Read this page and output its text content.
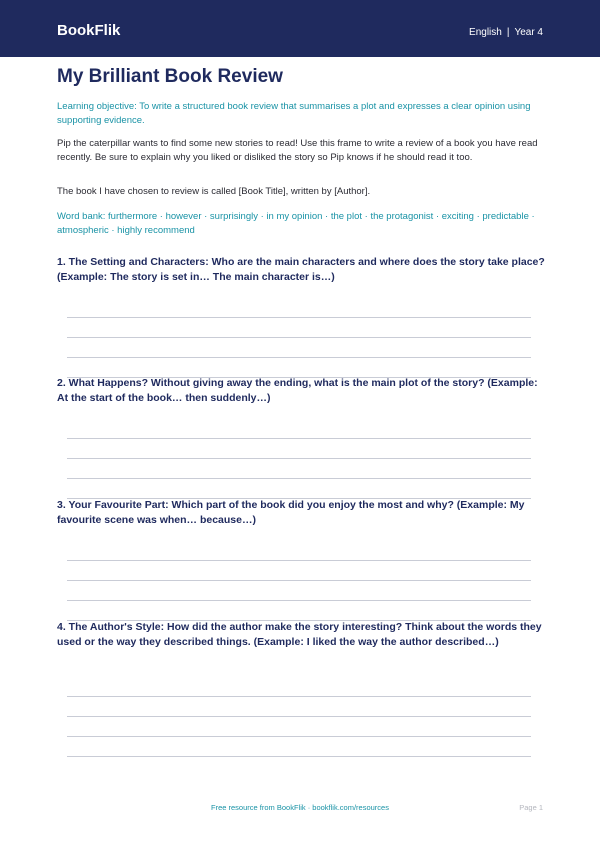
BookFlik	English | Year 4
My Brilliant Book Review

Learning objective: To write a structured book review that summarises a plot and expresses a clear opinion using supporting evidence.

Pip the caterpillar wants to find some new stories to read! Use this frame to write a review of a book you have read recently. Be sure to explain why you liked or disliked the story so Pip knows if he should read it too.

The book I have chosen to review is called [Book Title], written by [Author].

Word bank: furthermore · however · surprisingly · in my opinion · the plot · the protagonist · exciting · predictable · atmospheric · highly recommend

1. The Setting and Characters: Who are the main characters and where does the story take place? (Example: The story is set in… The main character is…)

2. What Happens? Without giving away the ending, what is the main plot of the story? (Example: At the start of the book… then suddenly…)

3. Your Favourite Part: Which part of the book did you enjoy the most and why? (Example: My favourite scene was when… because…)

4. The Author's Style: How did the author make the story interesting? Think about the words they used or the way they described things. (Example: I liked the way the author described…)

Free resource from BookFlik · bookflik.com/resources	Page 1
